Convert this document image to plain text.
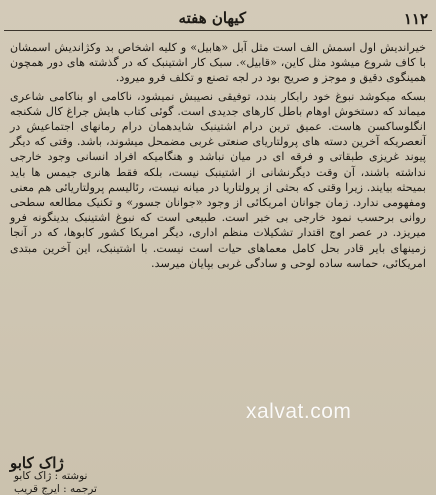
۱۱۲
کیهان هفته

خیراندیش اول اسمش الف است مثل آبل «هابیل» و کلیه اشخاص بد وکژاندیش اسمشان با کاف شروع میشود مثل کاین، «قابیل». سبک کار اشتینبک که در گذشته های دور همچون همینگوی دقیق و موجز و صریح بود در لجه تصنع و تکلف فرو میرود.

بسکه میکوشد نبوغ خود رابکار بندد، توفیقی نصیبش نمیشود، ناکامی او بناکامی شاعری میماند که دستخوش اوهام باطل کارهای جدیدی است. گوئی کتاب هایش جراغ کال شکنجه انگلوساکسن هاست. عمیق ترین درام اشتینبک شایدهمان درام رمانهای اجتماعیش در آنعصریکه آخرین دسته های پرولتاریای صنعتی غربی مضمحل میشوند، باشد. وقتی که دیگر پیوند غریزی طبقاتی و فرقه ای در میان نباشد و هنگامیکه افراد انسانی وجود خارجی نداشته باشند، آن وقت دیگرنشانی از اشتینبک نیست، بلکه فقط هانری جیمس ها باید بمیحثه بیایند. زیرا وقتی که بحثی از پرولتاریا در میانه نیست، رئالیسم پرولتاریائی هم معنی ومفهومی ندارد. زمان جوانان امریکائی از وجود «جوانان جسور» و تکنیک مطالعه سطحی روانی برحسب نمود خارجی بی خبر است. طبیعی است که نبوغ اشتینبک بدینگونه فرو میریزد. در عصر اوج اقتدار تشکیلات منظم اداری، دیگر امریکا کشور کابوها، که در آنجا زمینهای بایر قادر بحل کامل معماهای حیات است نیست. با اشتینبک، این آخرین مبتدی امریکائی، حماسه ساده لوحی و سادگی غربی بپایان میرسد.

ژاک کابو
نوشته : ژاک کابو
ترجمه : ایرج قریب
xalvat.com
